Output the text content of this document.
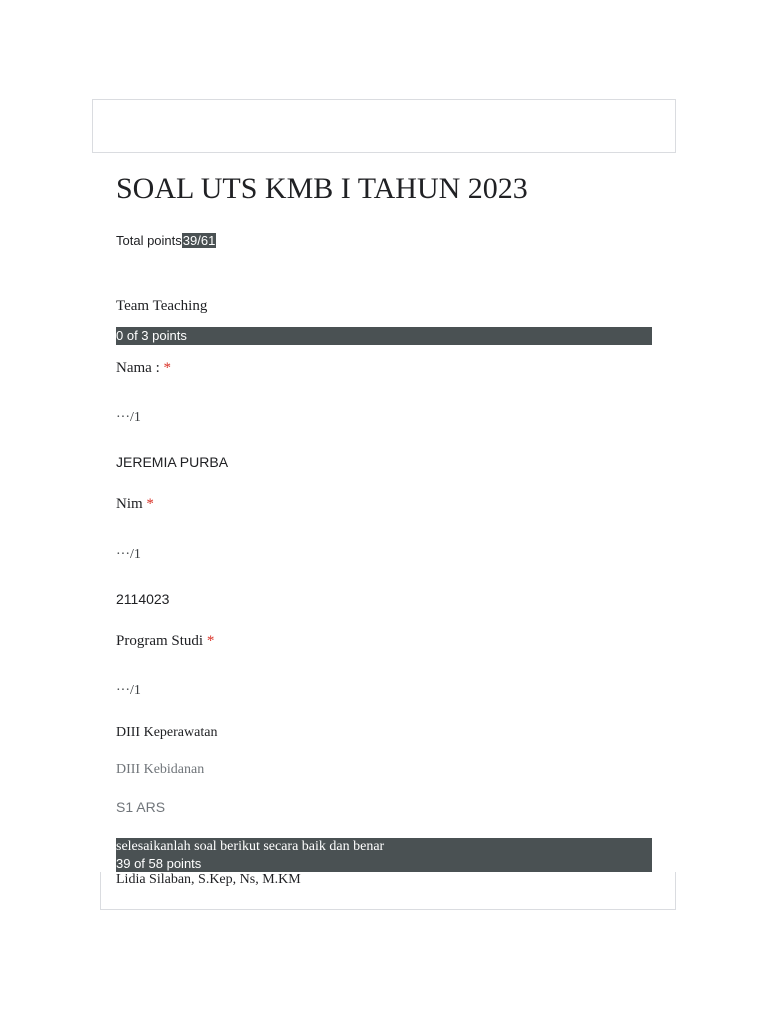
SOAL UTS KMB I TAHUN 2023
Total points39/61
Team Teaching
0 of 3 points
Nama : *
···/1
JEREMIA PURBA
Nim *
···/1
2114023
Program Studi *
···/1
DIII Keperawatan
DIII Kebidanan
S1 ARS
selesaikanlah soal berikut secara baik dan benar
39 of 58 points
Lidia Silaban, S.Kep, Ns, M.KM
